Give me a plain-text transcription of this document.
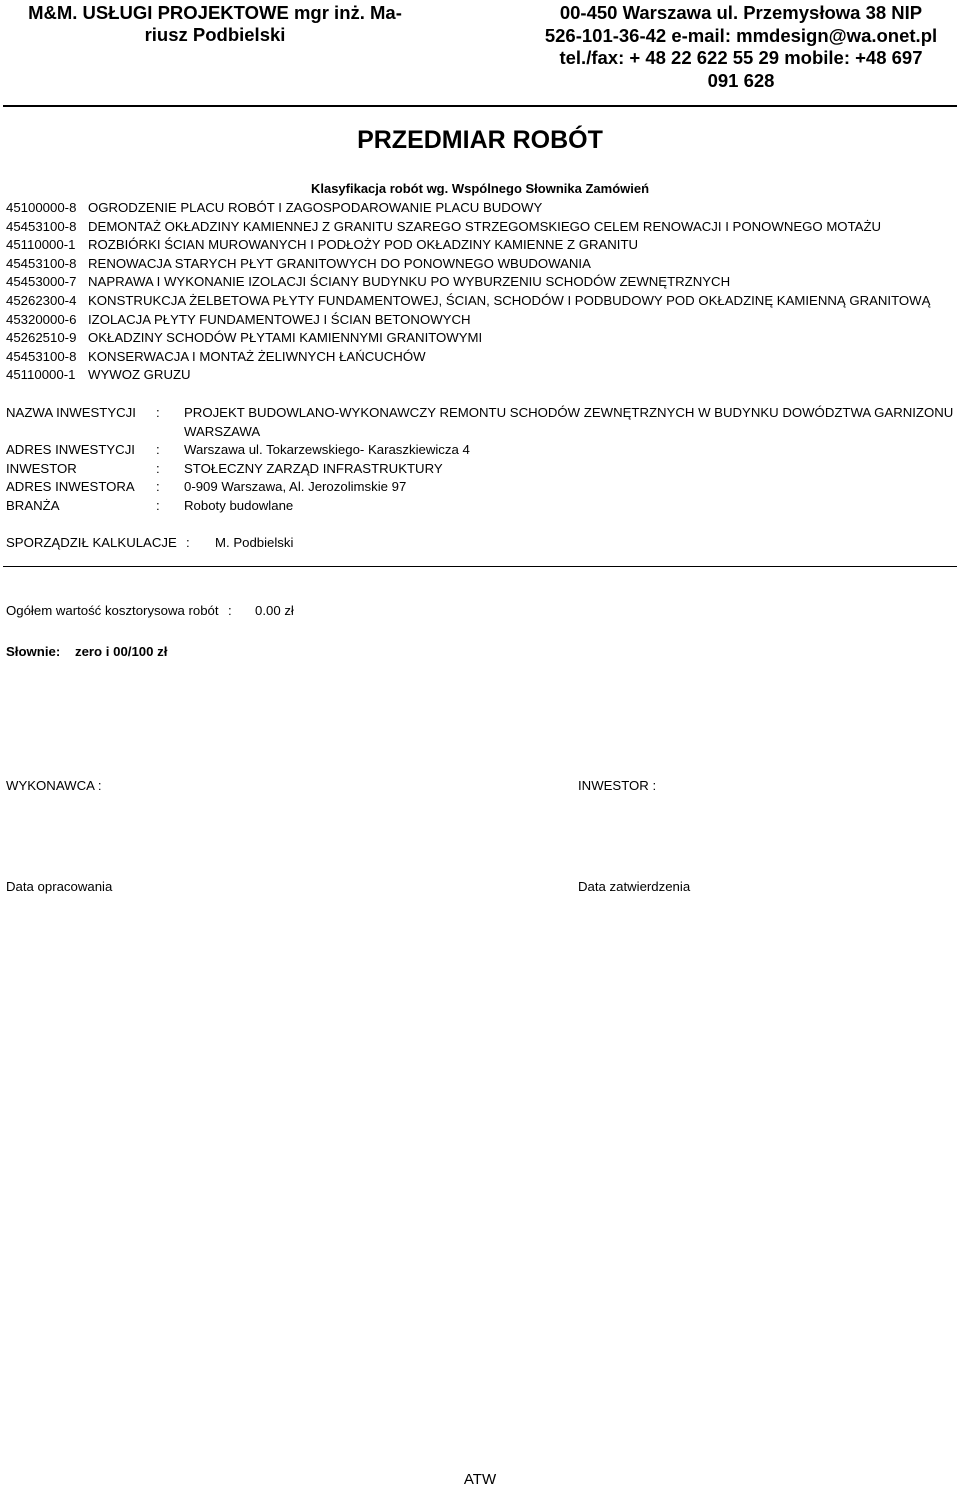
M&M. USŁUGI PROJEKTOWE mgr inż. Ma-
riusz Podbielski
00-450 Warszawa ul. Przemysłowa 38 NIP
526-101-36-42 e-mail: mmdesign@wa.onet.pl
tel./fax: + 48 22 622 55 29 mobile: +48 697
091 628
PRZEDMIAR ROBÓT
Klasyfikacja robót wg. Wspólnego Słownika Zamówień
45100000-8 OGRODZENIE PLACU ROBÓT I ZAGOSPODAROWANIE PLACU BUDOWY
45453100-8 DEMONTAŻ OKŁADZINY KAMIENNEJ Z GRANITU SZAREGO STRZEGOMSKIEGO CELEM RENOWACJI I PONOWNEGO MOTAŻU
45110000-1 ROZBIÓRKI ŚCIAN MUROWANYCH I PODŁOŻY POD OKŁADZINY KAMIENNE Z GRANITU
45453100-8 RENOWACJA STARYCH PŁYT GRANITOWYCH DO PONOWNEGO WBUDOWANIA
45453000-7 NAPRAWA I WYKONANIE IZOLACJI ŚCIANY BUDYNKU PO WYBURZENIU SCHODÓW ZEWNĘTRZNYCH
45262300-4 KONSTRUKCJA ŻELBETOWA PŁYTY FUNDAMENTOWEJ, ŚCIAN, SCHODÓW I PODBUDOWY POD OKŁADZINĘ KAMIENNĄ GRANITOWĄ
45320000-6 IZOLACJA PŁYTY FUNDAMENTOWEJ I ŚCIAN BETONOWYCH
45262510-9 OKŁADZINY SCHODÓW PŁYTAMI KAMIENNYMI GRANITOWYMI
45453100-8 KONSERWACJA I MONTAŻ ŻELIWNYCH ŁAŃCUCHÓW
45110000-1 WYWOZ GRUZU
NAZWA INWESTYCJI : PROJEKT BUDOWLANO-WYKONAWCZY REMONTU SCHODÓW ZEWNĘTRZNYCH W BUDYNKU DOWÓDZTWA GARNIZONU WARSZAWA
ADRES INWESTYCJI : Warszawa ul. Tokarzewskiego- Karaszkiewicza 4
INWESTOR	: STOŁECZNY ZARZĄD INFRASTRUKTURY
ADRES INWESTORA : 0-909 Warszawa, Al. Jerozolimskie 97
BRANŻA	: Roboty budowlane
SPORZĄDZIŁ KALKULACJE : M. Podbielski
Ogółem wartość kosztorysowa robót : 0.00 zł
Słownie: zero i 00/100 zł
WYKONAWCA :	INWESTOR :
Data opracowania	Data zatwierdzenia
ATW
